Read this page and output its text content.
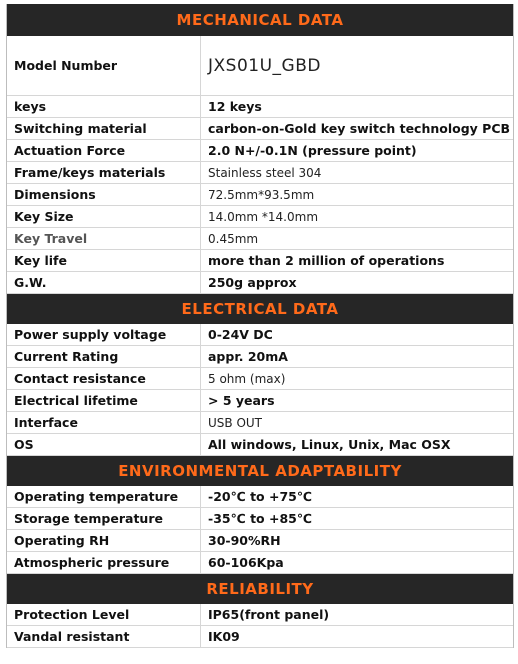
MECHANICAL DATA
Model Number	JXS01U_GBD
keys	12 keys
Switching material	carbon-on-Gold key switch technology PCB
Actuation Force	2.0 N+/-0.1N (pressure point)
Frame/keys materials	Stainless steel 304
Dimensions	72.5mm*93.5mm
Key Size	14.0mm *14.0mm
Key Travel	0.45mm
Key life	more than 2 million of operations
G.W.	250g approx
ELECTRICAL DATA
Power supply voltage	0-24V DC
Current Rating	appr. 20mA
Contact resistance	5 ohm (max)
Electrical lifetime	> 5 years
Interface	USB OUT
OS	All windows, Linux, Unix, Mac OSX
ENVIRONMENTAL ADAPTABILITY
Operating temperature	-20℃ to +75℃
Storage temperature	-35℃ to +85℃
Operating RH	30-90%RH
Atmospheric pressure	60-106Kpa
RELIABILITY
Protection Level	IP65(front panel)
Vandal resistant	IK09
